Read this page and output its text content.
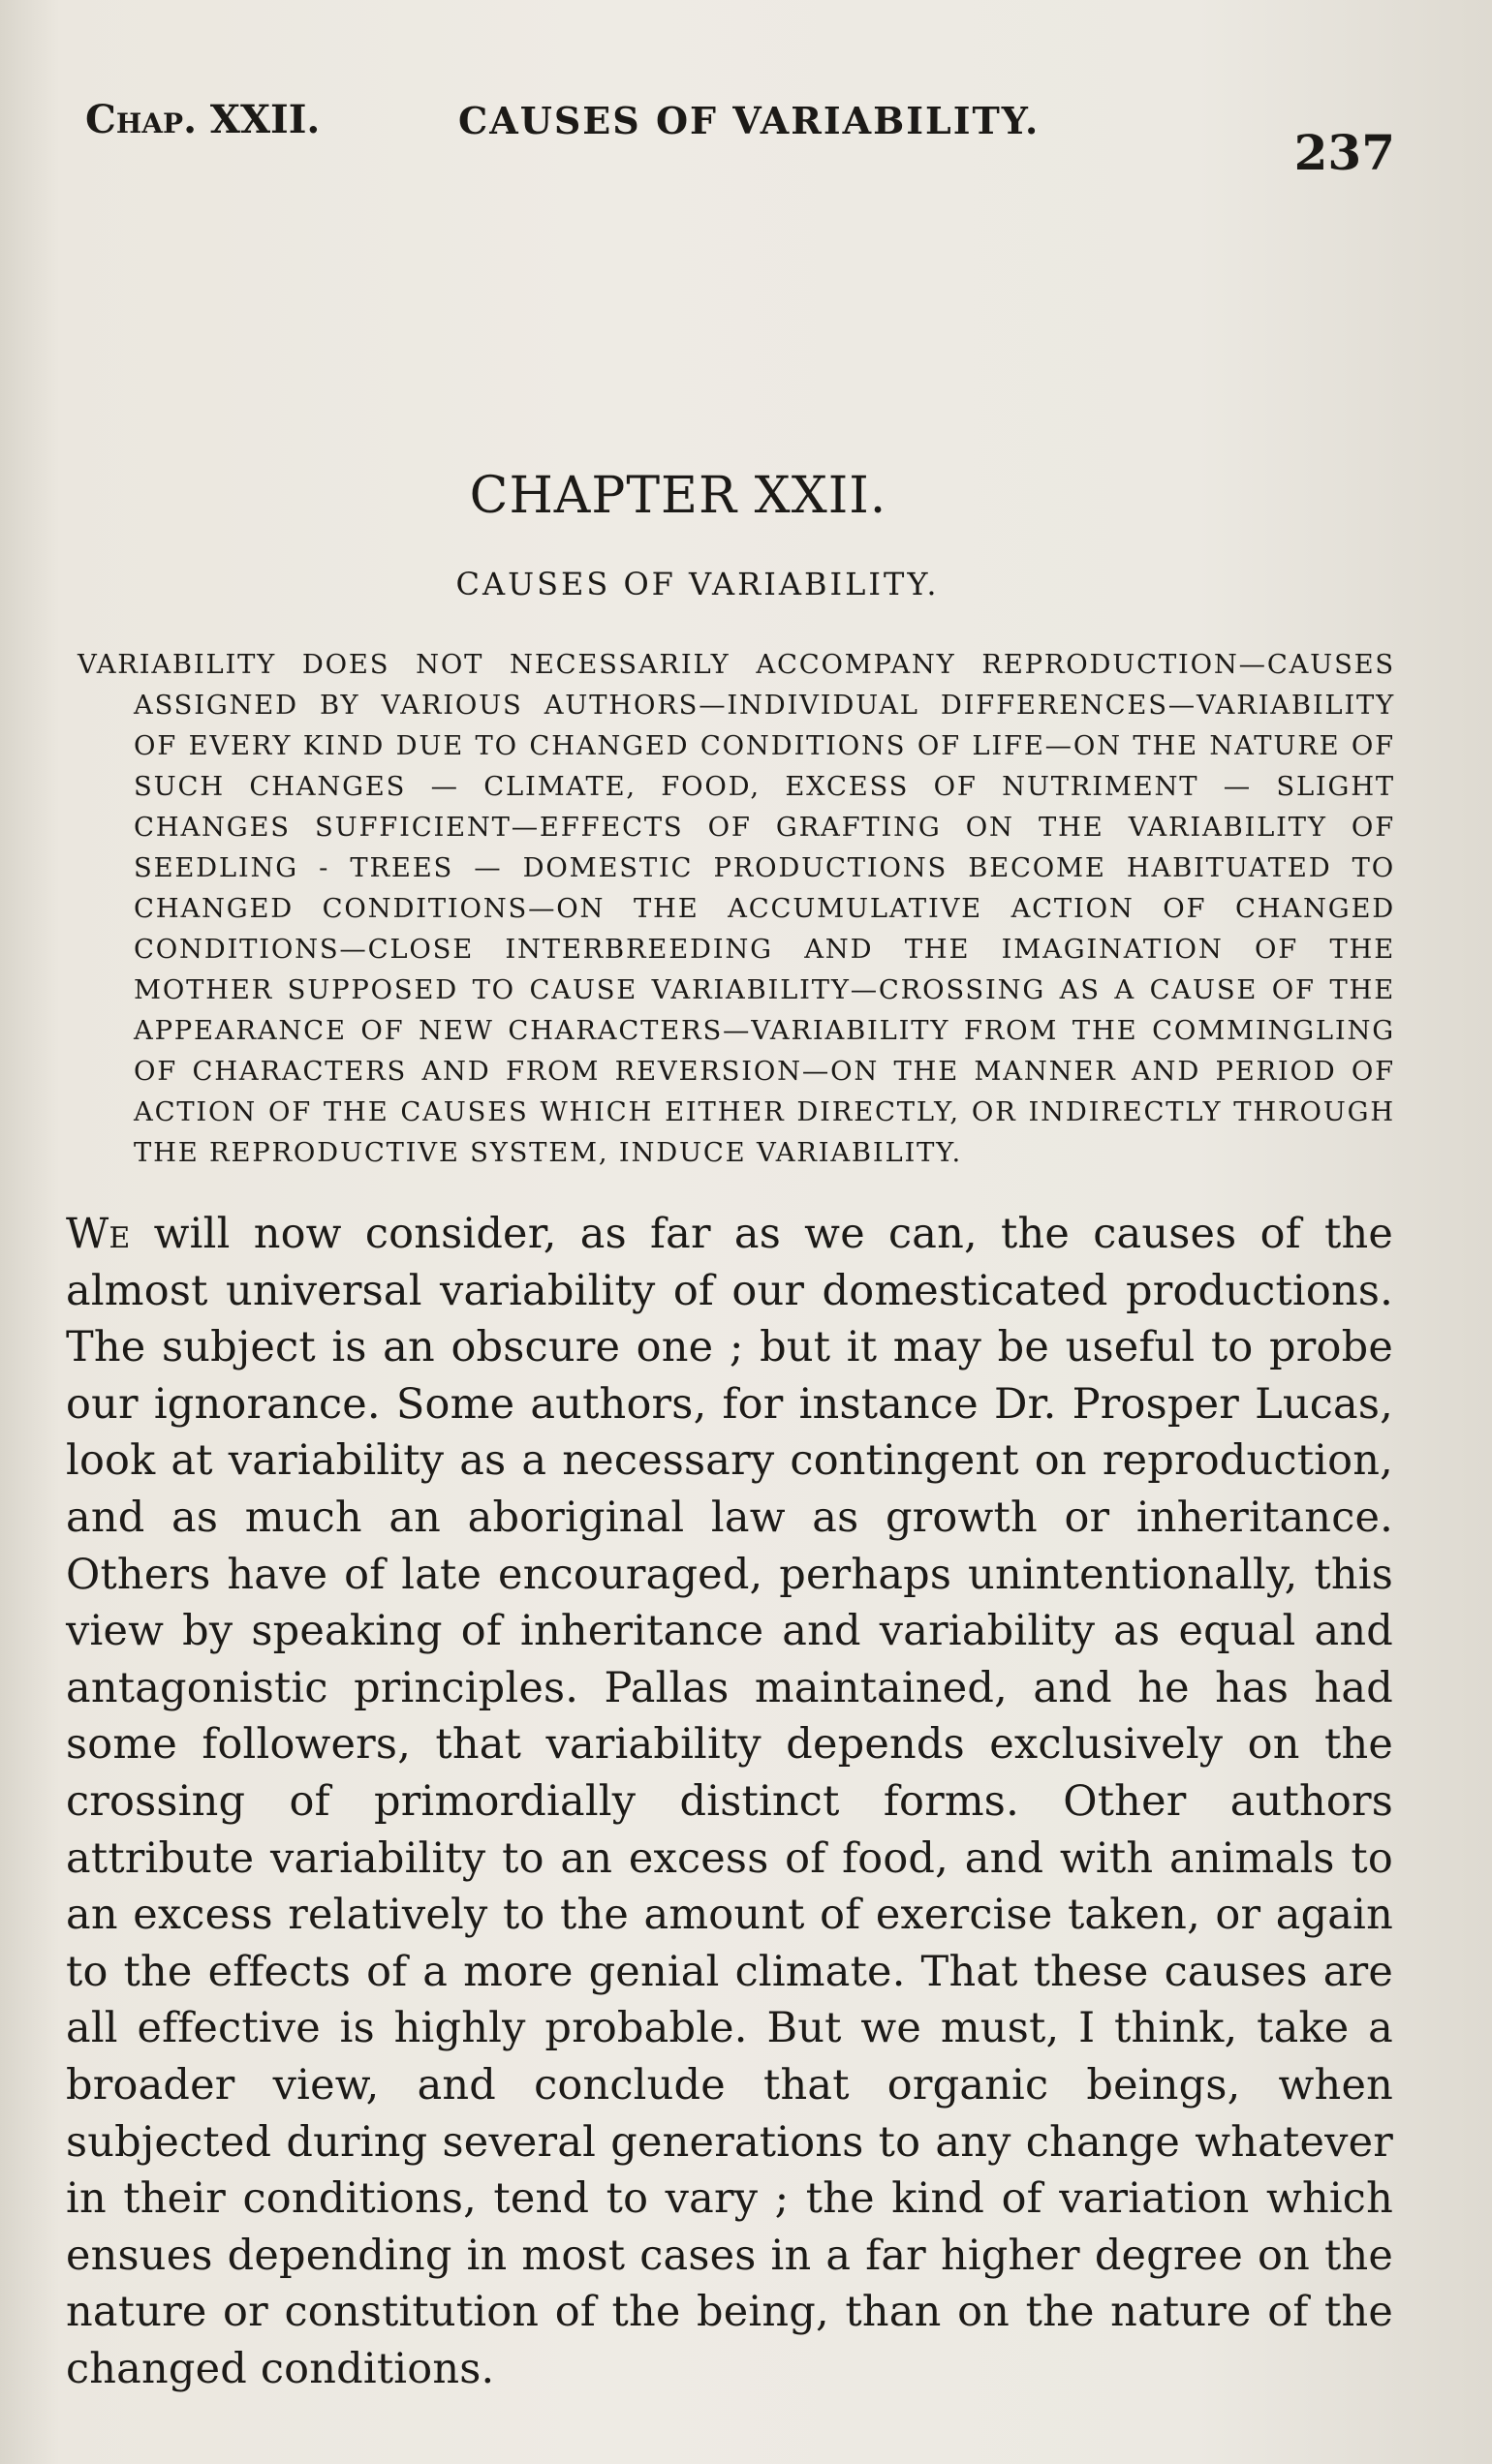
Chap. XXII.	CAUSES OF VARIABILITY.
237
CHAPTER XXII.
CAUSES OF VARIABILITY.
VARIABILITY DOES NOT NECESSARILY ACCOMPANY REPRODUCTION—CAUSES ASSIGNED BY VARIOUS AUTHORS—INDIVIDUAL DIFFERENCES—VARIABILITY OF EVERY KIND DUE TO CHANGED CONDITIONS OF LIFE—ON THE NATURE OF SUCH CHANGES — CLIMATE, FOOD, EXCESS OF NUTRIMENT — SLIGHT CHANGES SUFFICIENT—EFFECTS OF GRAFTING ON THE VARIABILITY OF SEEDLING - TREES — DOMESTIC PRODUCTIONS BECOME HABITUATED TO CHANGED CONDITIONS—ON THE ACCUMULATIVE ACTION OF CHANGED CONDITIONS—CLOSE INTERBREEDING AND THE IMAGINATION OF THE MOTHER SUPPOSED TO CAUSE VARIABILITY—CROSSING AS A CAUSE OF THE APPEARANCE OF NEW CHARACTERS—VARIABILITY FROM THE COMMINGLING OF CHARACTERS AND FROM REVERSION—ON THE MANNER AND PERIOD OF ACTION OF THE CAUSES WHICH EITHER DIRECTLY, OR INDIRECTLY THROUGH THE REPRODUCTIVE SYSTEM, INDUCE VARIABILITY.
We will now consider, as far as we can, the causes of the almost universal variability of our domesticated productions. The subject is an obscure one ; but it may be useful to probe our ignorance. Some authors, for instance Dr. Prosper Lucas, look at variability as a necessary contingent on reproduction, and as much an aboriginal law as growth or inheritance. Others have of late encouraged, perhaps unintentionally, this view by speaking of inheritance and variability as equal and antagonistic principles. Pallas maintained, and he has had some followers, that variability depends exclusively on the crossing of primordially distinct forms. Other authors attribute variability to an excess of food, and with animals to an excess relatively to the amount of exercise taken, or again to the effects of a more genial climate. That these causes are all effective is highly probable. But we must, I think, take a broader view, and conclude that organic beings, when subjected during several generations to any change whatever in their conditions, tend to vary ; the kind of variation which ensues depending in most cases in a far higher degree on the nature or constitution of the being, than on the nature of the changed conditions.
